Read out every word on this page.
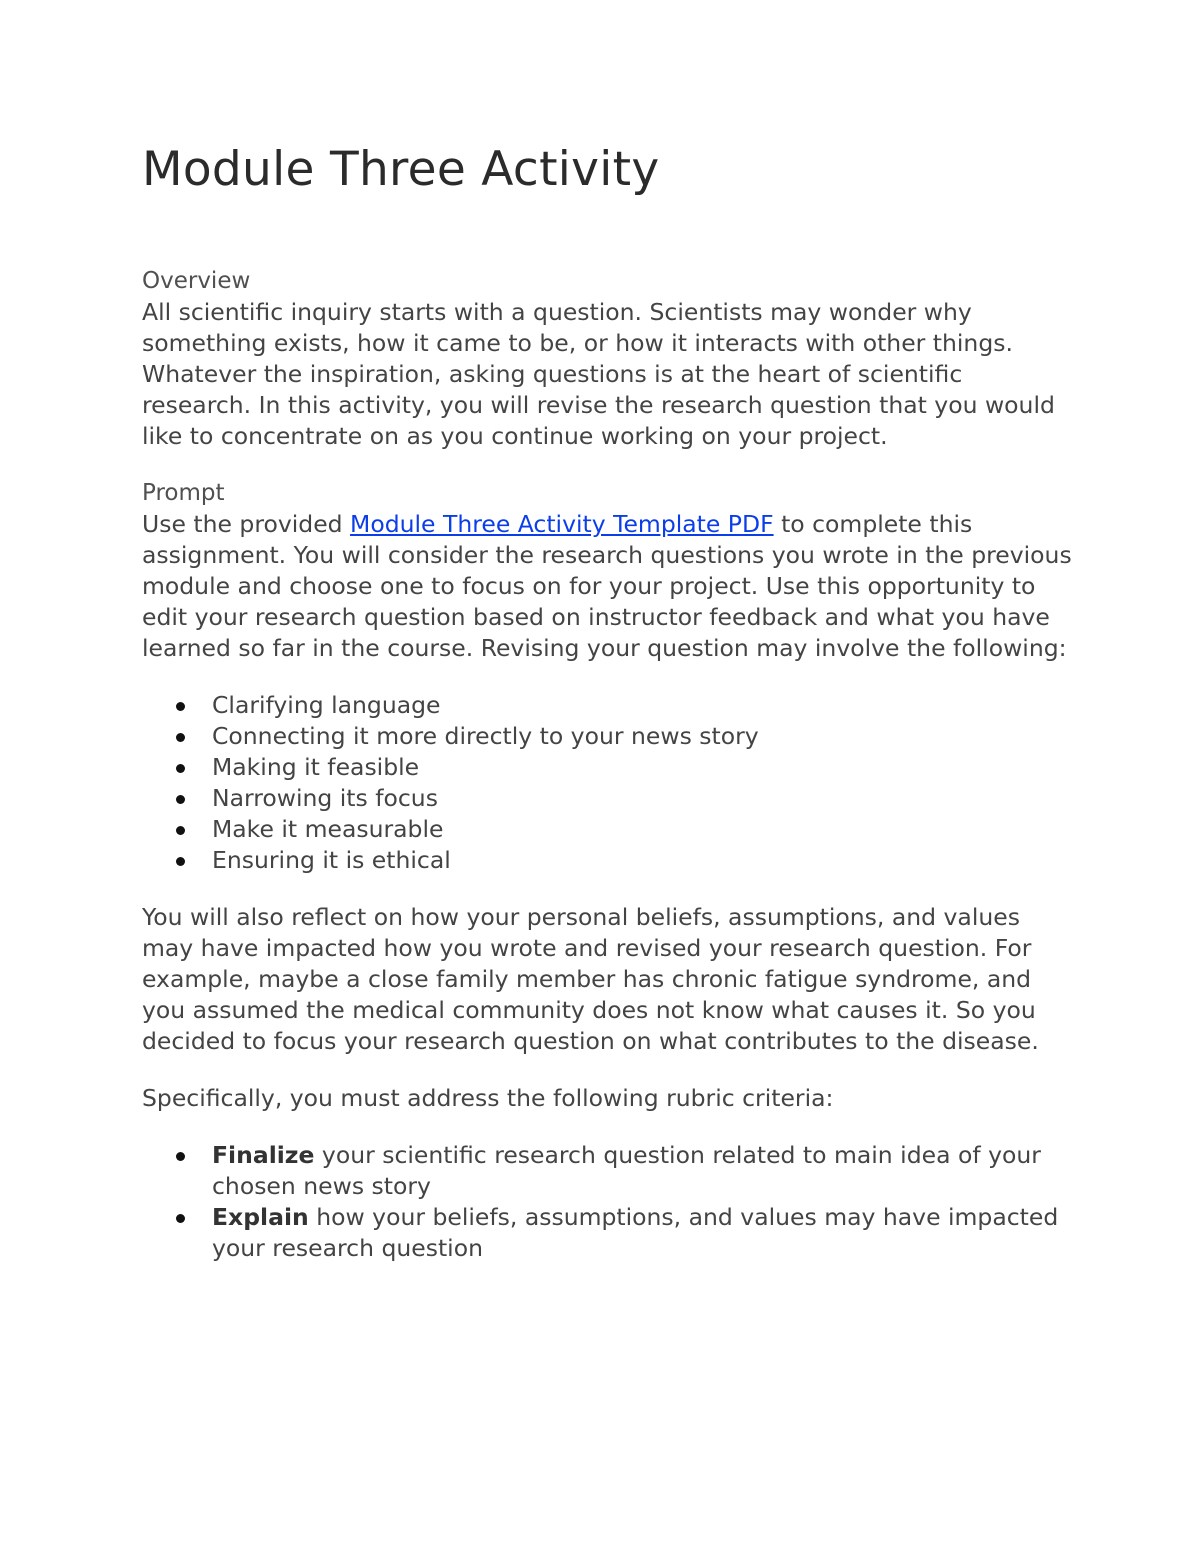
Module Three Activity
Overview

All scientific inquiry starts with a question. Scientists may wonder why something exists, how it came to be, or how it interacts with other things. Whatever the inspiration, asking questions is at the heart of scientific research. In this activity, you will revise the research question that you would like to concentrate on as you continue working on your project.

Prompt

Use the provided Module Three Activity Template PDF to complete this assignment. You will consider the research questions you wrote in the previous module and choose one to focus on for your project. Use this opportunity to edit your research question based on instructor feedback and what you have learned so far in the course. Revising your question may involve the following:

Clarifying language
Connecting it more directly to your news story
Making it feasible
Narrowing its focus
Make it measurable
Ensuring it is ethical

You will also reflect on how your personal beliefs, assumptions, and values may have impacted how you wrote and revised your research question. For example, maybe a close family member has chronic fatigue syndrome, and you assumed the medical community does not know what causes it. So you decided to focus your research question on what contributes to the disease.

Specifically, you must address the following rubric criteria:

Finalize your scientific research question related to main idea of your chosen news story
Explain how your beliefs, assumptions, and values may have impacted your research question
